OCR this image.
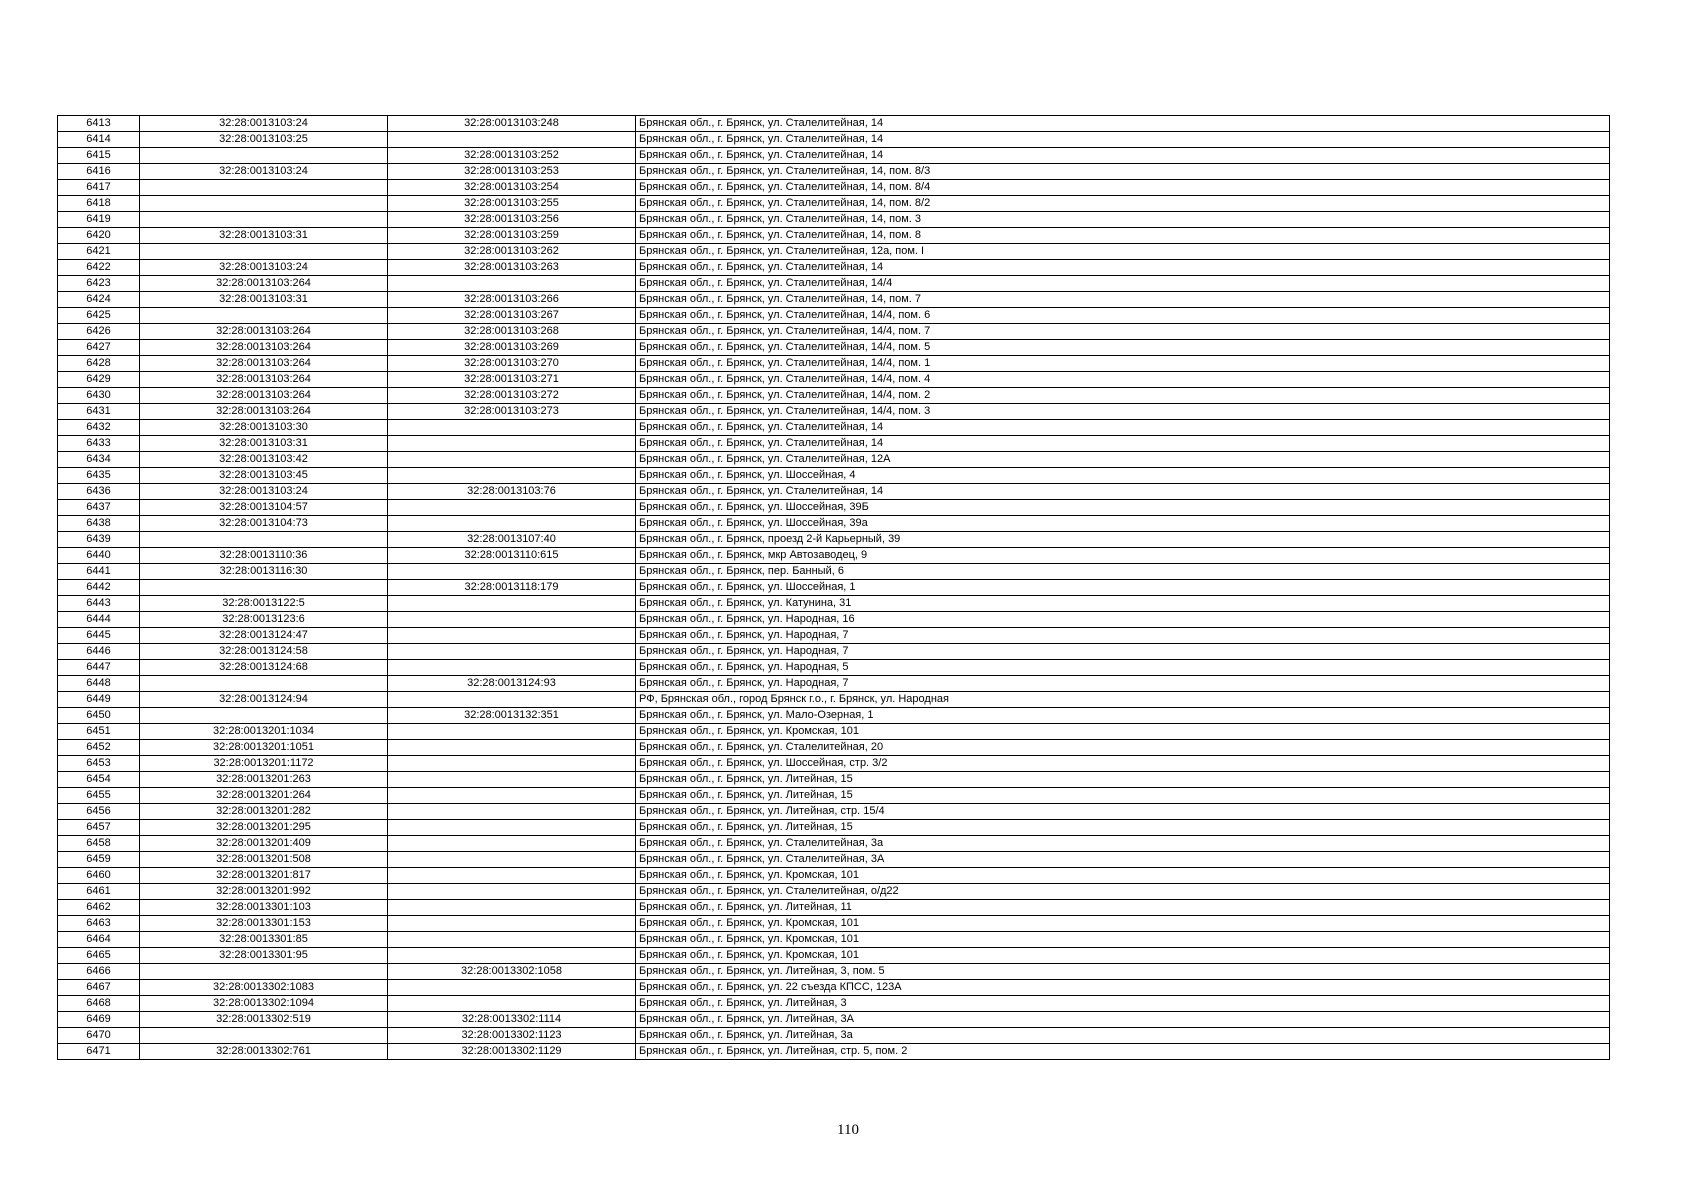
6413	32:28:0013103:24	32:28:0013103:248	Брянская обл., г. Брянск, ул. Сталелитейная, 14
6414	32:28:0013103:25		Брянская обл., г. Брянск, ул. Сталелитейная, 14
6415		32:28:0013103:252	Брянская обл., г. Брянск, ул. Сталелитейная, 14
6416	32:28:0013103:24	32:28:0013103:253	Брянская обл., г. Брянск, ул. Сталелитейная, 14, пом. 8/3
6417		32:28:0013103:254	Брянская обл., г. Брянск, ул. Сталелитейная, 14, пом. 8/4
6418		32:28:0013103:255	Брянская обл., г. Брянск, ул. Сталелитейная, 14, пом. 8/2
6419		32:28:0013103:256	Брянская обл., г. Брянск, ул. Сталелитейная, 14, пом. 3
6420	32:28:0013103:31	32:28:0013103:259	Брянская обл., г. Брянск, ул. Сталелитейная, 14, пом. 8
6421		32:28:0013103:262	Брянская обл., г. Брянск, ул. Сталелитейная, 12а, пом. I
6422	32:28:0013103:24	32:28:0013103:263	Брянская обл., г. Брянск, ул. Сталелитейная, 14
6423	32:28:0013103:264		Брянская обл., г. Брянск, ул. Сталелитейная, 14/4
6424	32:28:0013103:31	32:28:0013103:266	Брянская обл., г. Брянск, ул. Сталелитейная, 14, пом. 7
6425		32:28:0013103:267	Брянская обл., г. Брянск, ул. Сталелитейная, 14/4, пом. 6
6426	32:28:0013103:264	32:28:0013103:268	Брянская обл., г. Брянск, ул. Сталелитейная, 14/4, пом. 7
6427	32:28:0013103:264	32:28:0013103:269	Брянская обл., г. Брянск, ул. Сталелитейная, 14/4, пом. 5
6428	32:28:0013103:264	32:28:0013103:270	Брянская обл., г. Брянск, ул. Сталелитейная, 14/4, пом. 1
6429	32:28:0013103:264	32:28:0013103:271	Брянская обл., г. Брянск, ул. Сталелитейная, 14/4, пом. 4
6430	32:28:0013103:264	32:28:0013103:272	Брянская обл., г. Брянск, ул. Сталелитейная, 14/4, пом. 2
6431	32:28:0013103:264	32:28:0013103:273	Брянская обл., г. Брянск, ул. Сталелитейная, 14/4, пом. 3
6432	32:28:0013103:30		Брянская обл., г. Брянск, ул. Сталелитейная, 14
6433	32:28:0013103:31		Брянская обл., г. Брянск, ул. Сталелитейная, 14
6434	32:28:0013103:42		Брянская обл., г. Брянск, ул. Сталелитейная, 12А
6435	32:28:0013103:45		Брянская обл., г. Брянск, ул. Шоссейная, 4
6436	32:28:0013103:24	32:28:0013103:76	Брянская обл., г. Брянск, ул. Сталелитейная, 14
6437	32:28:0013104:57		Брянская обл., г. Брянск, ул. Шоссейная, 39Б
6438	32:28:0013104:73		Брянская обл., г. Брянск, ул. Шоссейная, 39а
6439		32:28:0013107:40	Брянская обл., г. Брянск, проезд 2-й Карьерный, 39
6440	32:28:0013110:36	32:28:0013110:615	Брянская обл., г. Брянск, мкр Автозаводец, 9
6441	32:28:0013116:30		Брянская обл., г. Брянск, пер. Банный, 6
6442		32:28:0013118:179	Брянская обл., г. Брянск, ул. Шоссейная, 1
6443	32:28:0013122:5		Брянская обл., г. Брянск, ул. Катунина, 31
6444	32:28:0013123:6		Брянская обл., г. Брянск, ул. Народная, 16
6445	32:28:0013124:47		Брянская обл., г. Брянск, ул. Народная, 7
6446	32:28:0013124:58		Брянская обл., г. Брянск, ул. Народная, 7
6447	32:28:0013124:68		Брянская обл., г. Брянск, ул. Народная, 5
6448		32:28:0013124:93	Брянская обл., г. Брянск, ул. Народная, 7
6449	32:28:0013124:94		РФ, Брянская обл., город Брянск г.о., г. Брянск, ул. Народная
6450		32:28:0013132:351	Брянская обл., г. Брянск, ул. Мало-Озерная, 1
6451	32:28:0013201:1034		Брянская обл., г. Брянск, ул. Кромская, 101
6452	32:28:0013201:1051		Брянская обл., г. Брянск, ул. Сталелитейная, 20
6453	32:28:0013201:1172		Брянская обл., г. Брянск, ул. Шоссейная, стр. 3/2
6454	32:28:0013201:263		Брянская обл., г. Брянск, ул. Литейная, 15
6455	32:28:0013201:264		Брянская обл., г. Брянск, ул. Литейная, 15
6456	32:28:0013201:282		Брянская обл., г. Брянск, ул. Литейная, стр. 15/4
6457	32:28:0013201:295		Брянская обл., г. Брянск, ул. Литейная, 15
6458	32:28:0013201:409		Брянская обл., г. Брянск, ул. Сталелитейная, 3а
6459	32:28:0013201:508		Брянская обл., г. Брянск, ул. Сталелитейная, 3А
6460	32:28:0013201:817		Брянская обл., г. Брянск, ул. Кромская, 101
6461	32:28:0013201:992		Брянская обл., г. Брянск, ул. Сталелитейная, о/д22
6462	32:28:0013301:103		Брянская обл., г. Брянск, ул. Литейная, 11
6463	32:28:0013301:153		Брянская обл., г. Брянск, ул. Кромская, 101
6464	32:28:0013301:85		Брянская обл., г. Брянск, ул. Кромская, 101
6465	32:28:0013301:95		Брянская обл., г. Брянск, ул. Кромская, 101
6466		32:28:0013302:1058	Брянская обл., г. Брянск, ул. Литейная, 3, пом. 5
6467	32:28:0013302:1083		Брянская обл., г. Брянск, ул. 22 съезда КПСС, 123А
6468	32:28:0013302:1094		Брянская обл., г. Брянск, ул. Литейная, 3
6469	32:28:0013302:519	32:28:0013302:1114	Брянская обл., г. Брянск, ул. Литейная, 3А
6470		32:28:0013302:1123	Брянская обл., г. Брянск, ул. Литейная, 3а
6471	32:28:0013302:761	32:28:0013302:1129	Брянская обл., г. Брянск, ул. Литейная, стр. 5, пом. 2
110
